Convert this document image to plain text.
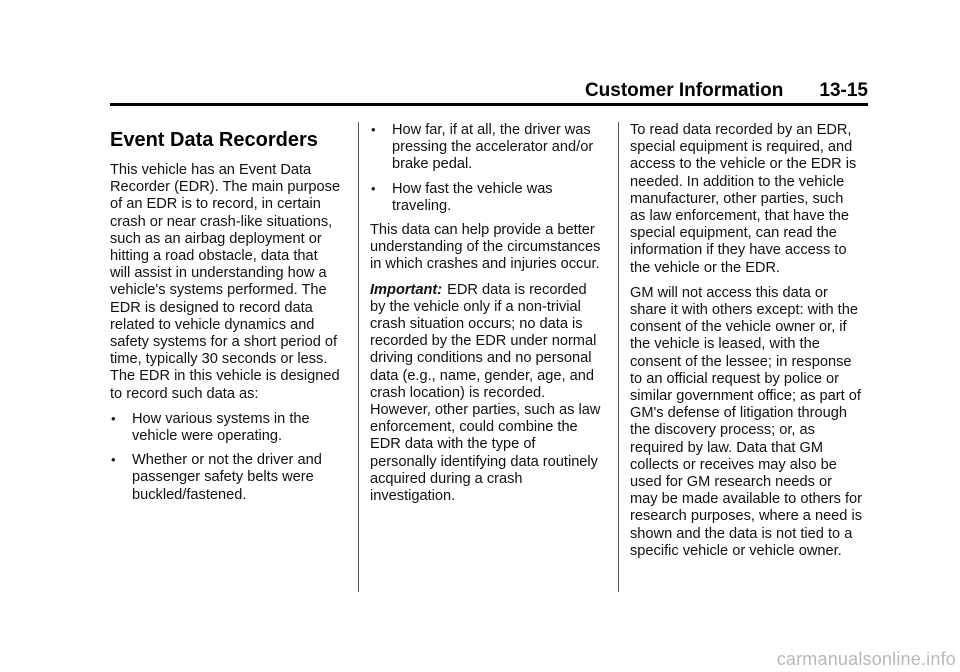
Customer Information 13-15
Event Data Recorders

This vehicle has an Event Data Recorder (EDR). The main purpose of an EDR is to record, in certain crash or near crash-like situations, such as an airbag deployment or hitting a road obstacle, data that will assist in understanding how a vehicle's systems performed. The EDR is designed to record data related to vehicle dynamics and safety systems for a short period of time, typically 30 seconds or less. The EDR in this vehicle is designed to record such data as:

• How various systems in the vehicle were operating.
• Whether or not the driver and passenger safety belts were buckled/fastened.
• How far, if at all, the driver was pressing the accelerator and/or brake pedal.
• How fast the vehicle was traveling.

This data can help provide a better understanding of the circumstances in which crashes and injuries occur.

Important: EDR data is recorded by the vehicle only if a non-trivial crash situation occurs; no data is recorded by the EDR under normal driving conditions and no personal data (e.g., name, gender, age, and crash location) is recorded. However, other parties, such as law enforcement, could combine the EDR data with the type of personally identifying data routinely acquired during a crash investigation.

To read data recorded by an EDR, special equipment is required, and access to the vehicle or the EDR is needed. In addition to the vehicle manufacturer, other parties, such as law enforcement, that have the special equipment, can read the information if they have access to the vehicle or the EDR.

GM will not access this data or share it with others except: with the consent of the vehicle owner or, if the vehicle is leased, with the consent of the lessee; in response to an official request by police or similar government office; as part of GM's defense of litigation through the discovery process; or, as required by law. Data that GM collects or receives may also be used for GM research needs or may be made available to others for research purposes, where a need is shown and the data is not tied to a specific vehicle or vehicle owner.

carmanualsonline.info
